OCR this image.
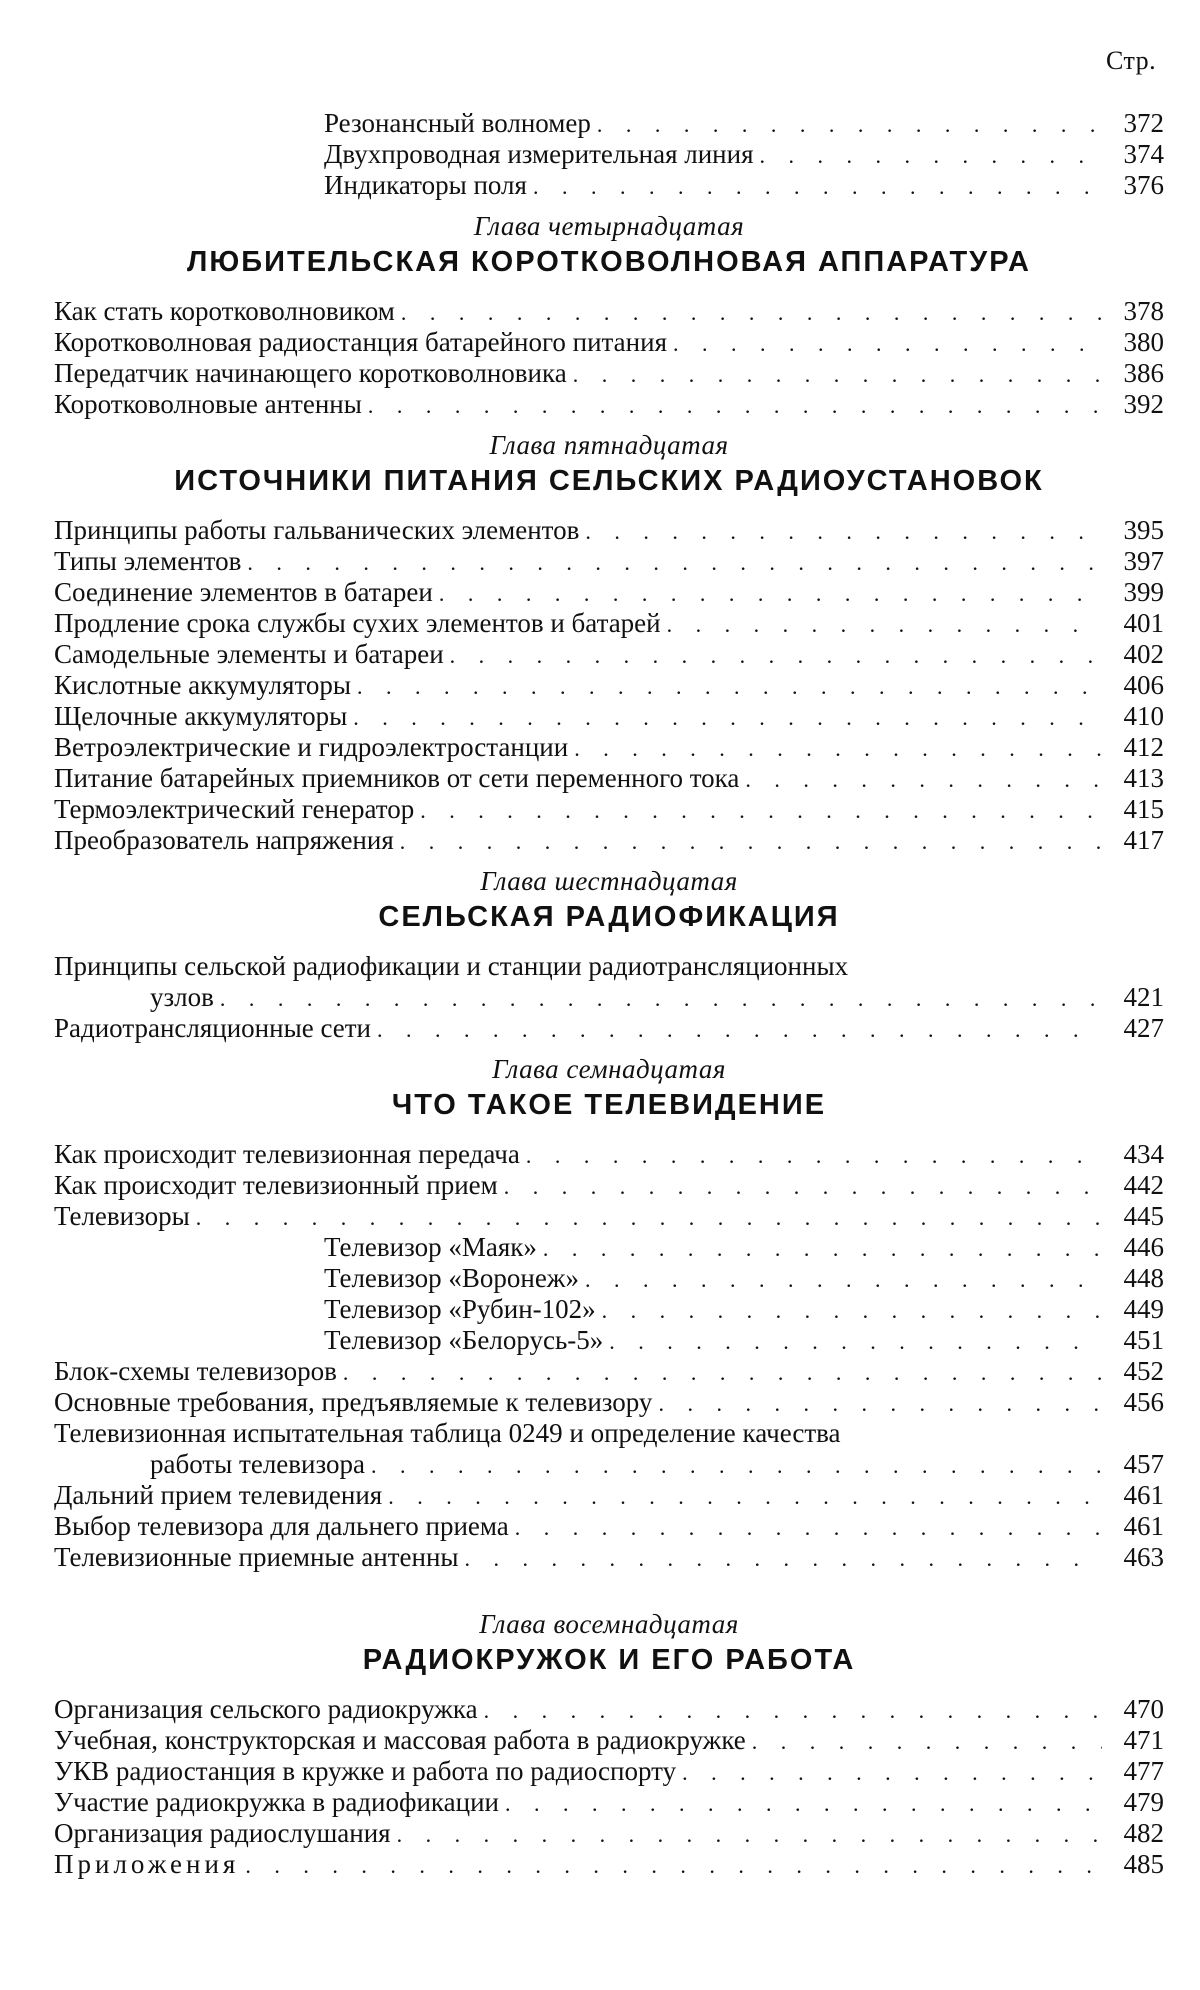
Стр.
Резонансный волномер . . .	372
Двухпроводная измерительная линия . . .	374
Индикаторы поля . . .	376
Глава четырнадцатая
ЛЮБИТЕЛЬСКАЯ КОРОТКОВОЛНОВАЯ АППАРАТУРА
Как стать коротковолновиком . . .	378
Коротковолновая радиостанция батарейного питания . . .	380
Передатчик начинающего коротковолновика . . .	386
Коротковолновые антенны . . .	392
Глава пятнадцатая
ИСТОЧНИКИ ПИТАНИЯ СЕЛЬСКИХ РАДИОУСТАНОВОК
Принципы работы гальванических элементов . . .	395
Типы элементов . . .	397
Соединение элементов в батареи . . .	399
Продление срока службы сухих элементов и батарей . . .	401
Самодельные элементы и батареи . . .	402
Кислотные аккумуляторы . . .	406
Щелочные аккумуляторы . . .	410
Ветроэлектрические и гидроэлектростанции . . .	412
Питание батарейных приемников от сети переменного тока . . .	413
Термоэлектрический генератор . . .	415
Преобразователь напряжения . . .	417
Глава шестнадцатая
СЕЛЬСКАЯ РАДИОФИКАЦИЯ
Принципы сельской радиофикации и станции радиотрансляционных
узлов . . .	421
Радиотрансляционные сети . . .	427
Глава семнадцатая
ЧТО ТАКОЕ ТЕЛЕВИДЕНИЕ
Как происходит телевизионная передача . . .	434
Как происходит телевизионный прием . . .	442
Телевизоры . . .	445
Телевизор «Маяк» . . .	446
Телевизор «Воронеж» . . .	448
Телевизор «Рубин-102» . . .	449
Телевизор «Белорусь-5» . . .	451
Блок-схемы телевизоров . . .	452
Основные требования, предъявляемые к телевизору . . .	456
Телевизионная испытательная таблица 0249 и определение качества
работы телевизора . . .	457
Дальний прием телевидения . . .	461
Выбор телевизора для дальнего приема . . .	461
Телевизионные приемные антенны . . .	463
Глава восемнадцатая
РАДИОКРУЖОК И ЕГО РАБОТА
Организация сельского радиокружка . . .	470
Учебная, конструкторская и массовая работа в радиокружке . . .	471
УКВ радиостанция в кружке и работа по радиоспорту . . .	477
Участие радиокружка в радиофикации . . .	479
Организация радиослушания . . .	482
Приложения . . .	485
